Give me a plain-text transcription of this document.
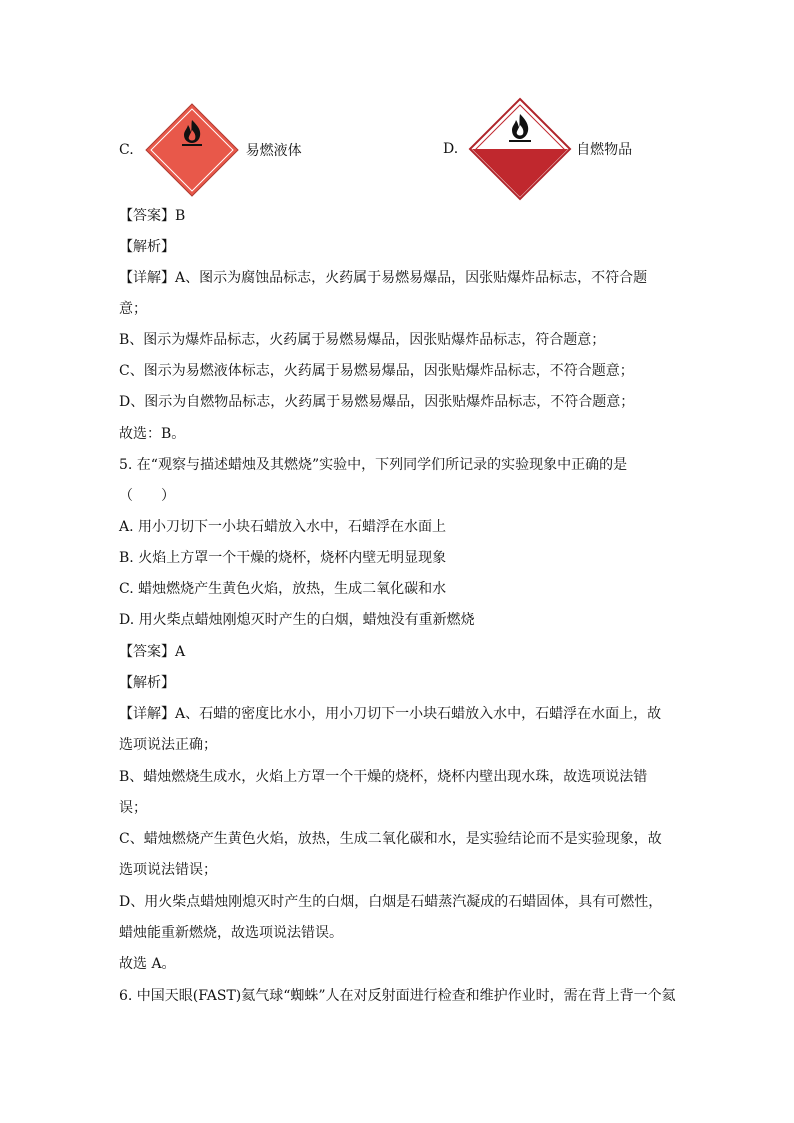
C.	易燃液体	D.	自燃物品
【答案】B
【解析】
【详解】A、图示为腐蚀品标志，火药属于易燃易爆品，因张贴爆炸品标志，不符合题
意；
B、图示为爆炸品标志，火药属于易燃易爆品，因张贴爆炸品标志，符合题意；
C、图示为易燃液体标志，火药属于易燃易爆品，因张贴爆炸品标志，不符合题意；
D、图示为自燃物品标志，火药属于易燃易爆品，因张贴爆炸品标志，不符合题意；
故选：B。
5. 在“观察与描述蜡烛及其燃烧”实验中，下列同学们所记录的实验现象中正确的是
（　　）
A. 用小刀切下一小块石蜡放入水中，石蜡浮在水面上
B. 火焰上方罩一个干燥的烧杯，烧杯内壁无明显现象
C. 蜡烛燃烧产生黄色火焰，放热，生成二氧化碳和水
D. 用火柴点蜡烛刚熄灭时产生的白烟，蜡烛没有重新燃烧
【答案】A
【解析】
【详解】A、石蜡的密度比水小，用小刀切下一小块石蜡放入水中，石蜡浮在水面上，故
选项说法正确；
B、蜡烛燃烧生成水，火焰上方罩一个干燥的烧杯，烧杯内壁出现水珠，故选项说法错
误；
C、蜡烛燃烧产生黄色火焰，放热，生成二氧化碳和水，是实验结论而不是实验现象，故
选项说法错误；
D、用火柴点蜡烛刚熄灭时产生的白烟，白烟是石蜡蒸汽凝成的石蜡固体，具有可燃性，
蜡烛能重新燃烧，故选项说法错误。
故选 A。
6. 中国天眼(FAST)氦气球“蜘蛛”人在对反射面进行检查和维护作业时，需在背上背一个氦
